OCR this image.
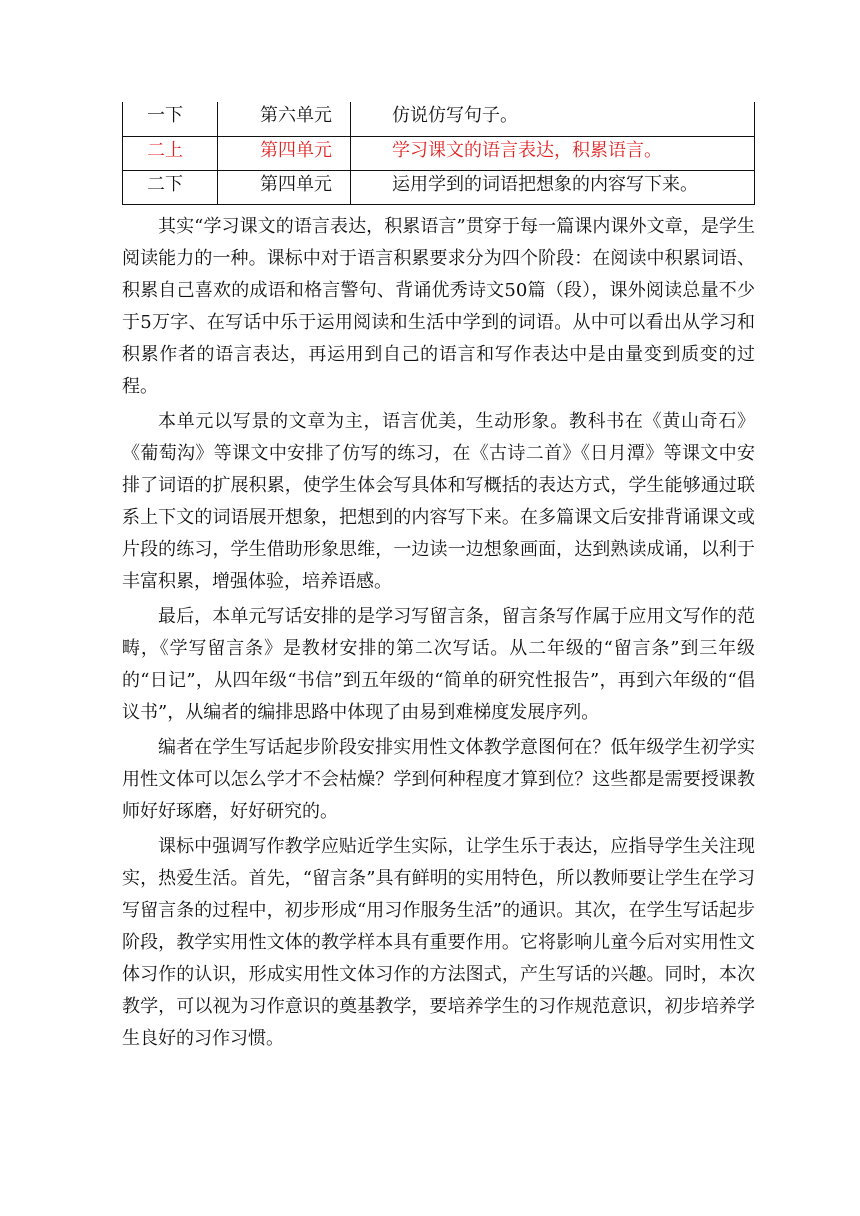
一下	第六单元	仿说仿写句子。
二上	第四单元	学习课文的语言表达，积累语言。
二下	第四单元	运用学到的词语把想象的内容写下来。

其实“学习课文的语言表达，积累语言”贯穿于每一篇课内课外文章，是学生阅读能力的一种。课标中对于语言积累要求分为四个阶段：在阅读中积累词语、积累自己喜欢的成语和格言警句、背诵优秀诗文50篇（段），课外阅读总量不少于5万字、在写话中乐于运用阅读和生活中学到的词语。从中可以看出从学习和积累作者的语言表达，再运用到自己的语言和写作表达中是由量变到质变的过程。

本单元以写景的文章为主，语言优美，生动形象。教科书在《黄山奇石》《葡萄沟》等课文中安排了仿写的练习，在《古诗二首》《日月潭》等课文中安排了词语的扩展积累，使学生体会写具体和写概括的表达方式，学生能够通过联系上下文的词语展开想象，把想到的内容写下来。在多篇课文后安排背诵课文或片段的练习，学生借助形象思维，一边读一边想象画面，达到熟读成诵，以利于丰富积累，增强体验，培养语感。

最后，本单元写话安排的是学习写留言条，留言条写作属于应用文写作的范畴，《学写留言条》是教材安排的第二次写话。从二年级的“留言条”到三年级的“日记”，从四年级“书信”到五年级的“简单的研究性报告”，再到六年级的“倡议书”，从编者的编排思路中体现了由易到难梯度发展序列。

编者在学生写话起步阶段安排实用性文体教学意图何在？低年级学生初学实用性文体可以怎么学才不会枯燥？学到何种程度才算到位？这些都是需要授课教师好好琢磨，好好研究的。

课标中强调写作教学应贴近学生实际，让学生乐于表达，应指导学生关注现实，热爱生活。首先，“留言条”具有鲜明的实用特色，所以教师要让学生在学习写留言条的过程中，初步形成“用习作服务生活”的通识。其次，在学生写话起步阶段，教学实用性文体的教学样本具有重要作用。它将影响儿童今后对实用性文体习作的认识，形成实用性文体习作的方法图式，产生写话的兴趣。同时，本次教学，可以视为习作意识的奠基教学，要培养学生的习作规范意识，初步培养学生良好的习作习惯。
